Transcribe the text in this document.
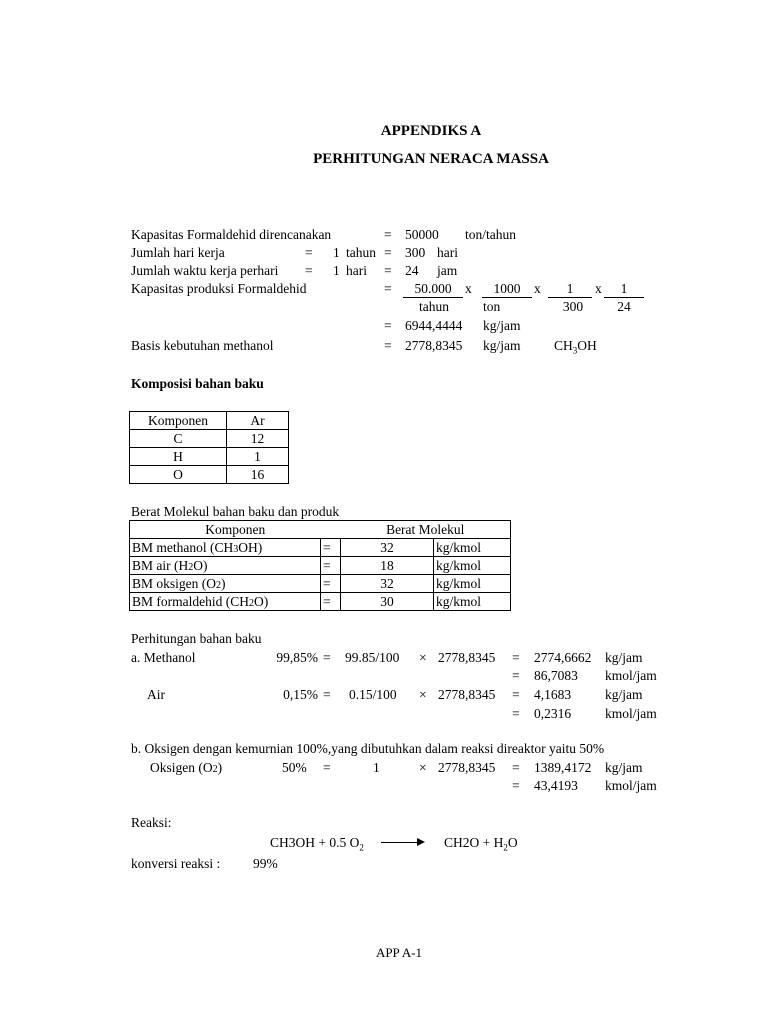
APPENDIKS A
PERHITUNGAN NERACA MASSA
Kapasitas Formaldehid direncanakan	= 50000 ton/tahun
Jumlah hari kerja	= 1 tahun = 300 hari
Jumlah waktu kerja perhari = 1 hari = 24 jam
Kapasitas produksi Formaldehid	=	50.000 x	1000	x	1	x	1
tahun	ton	300	24
= 6944,4444 kg/jam
Basis kebutuhan methanol	= 2778,8345 kg/jam $CH_3OH$
Komposisi bahan baku
Komponen	Ar
C	12
H	1
O	16
Berat Molekul bahan baku dan produk
Komponen		Berat Molekul	
BM methanol (CH3OH)	=	32	kg/kmol
BM air (H2O)	=	18	kg/kmol
BM oksigen (O2)	=	32	kg/kmol
BM formaldehid (CH2O)	=	30	kg/kmol
Perhitungan bahan baku
a. Methanol	99,85% = 99.85/100 × 2778,8345 = 2774,6662 kg/jam
= 86,7083 kmol/jam
Air	0,15% = 0.15/100 × 2778,8345 = 4,1683	kg/jam
= 0,2316	kmol/jam
b. Oksigen dengan kemurnian 100%,yang dibutuhkan dalam reaksi direaktor yaitu 50%
Oksigen (O2)	50% =	1	× 2778,8345 = 1389,4172 kg/jam
= 43,4193 kmol/jam
Reaksi:
CH3OH + 0.5 $O_2$	$CH2O + H_2O$
konversi reaksi : 99%
APP A-1
